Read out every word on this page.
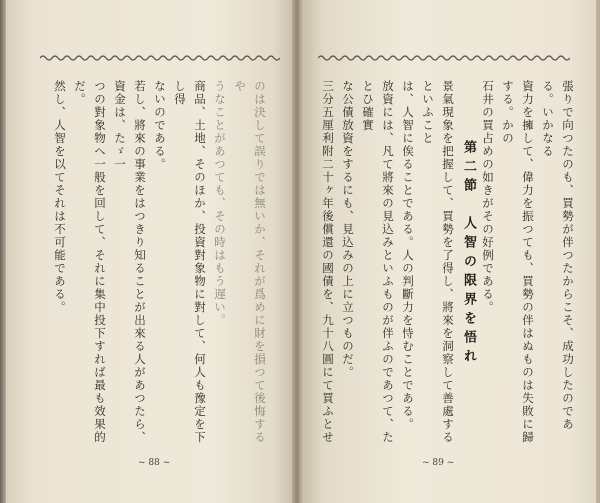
のは決して誤りでは無いか、それが爲めに財を損つて後悔するや
うなことがあつても、その時はもう遅い。
商品、土地、そのほか、投資對象物に對して、何人も豫定を下し得
ないのである。
若し、將來の事業をはつきり知ることが出來る人があつたら、資金は、たゞ一
つの對象物へ一般を回して、それに集中投下すれば最も效果的だ。
然し、人智を以てそれは不可能である。	張りで向つたのも、買勢が伴つたからこそ、成功したのである。いかなる
資力を擁して、偉力を振つても、買勢の伴はぬものは失敗に歸する。かの
石井の買占めの如きがその好例である。
第二節　人智の限界を悟れ
景氣現象を把握して、買勢を了得し、將來を洞察して善處するといふこと
は、人智に俟ることである。人の判斷力を恃むことである。
放資には、凡て將來の見込みといふものが伴ふのであつて、たとひ確實
な公債放資をするにも、見込みの上に立つものだ。
三分五厘利附二十ヶ年後償還の國債を、九十八圓にて買ふとせ
~ 88 ~	~ 89 ~
